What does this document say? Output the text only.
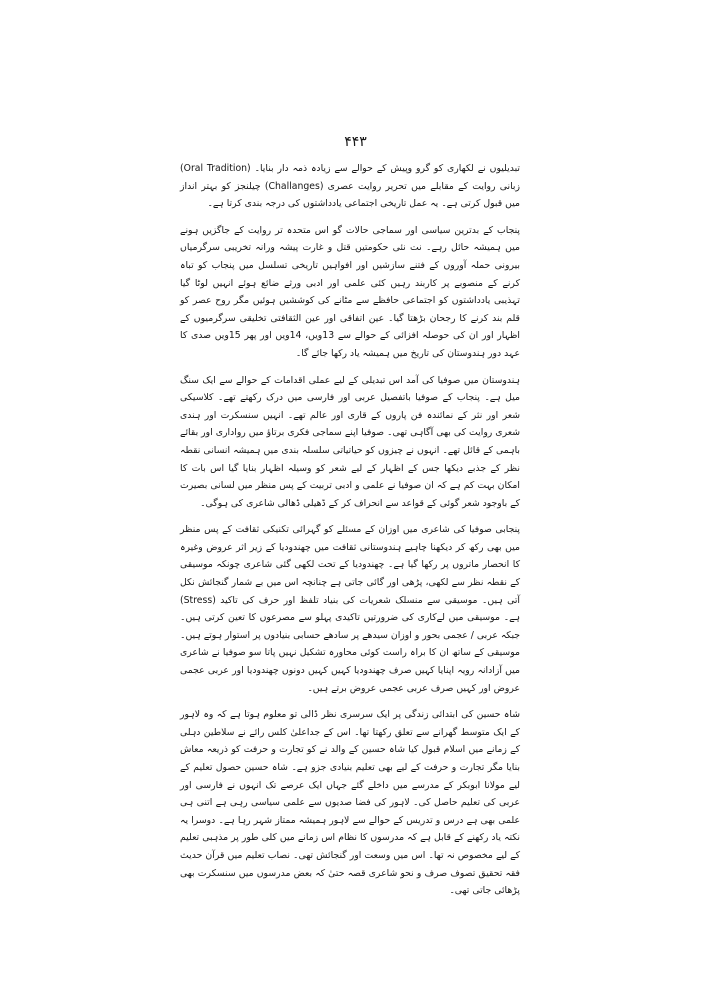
۴۴۳

تبدیلیوں نے لکھاری کو گرو وپیش کے حوالے سے زیادہ ذمہ دار بنایا۔ (Oral Tradition) زبانی روایت کے مقابلے میں تحریر روایت عصری (Challanges) چیلنجز کو بہتر انداز میں قبول کرتی ہے۔ یہ عمل تاریخی اجتماعی یادداشتوں کی درجہ بندی کرتا ہے۔

پنجاب کے بدترین سیاسی اور سماجی حالات گو اس متحدہ تر روایت کے جاگزیں ہونے میں ہمیشہ حائل رہے۔ نت نئی حکومتیں قتل و غارت پیشہ ورانہ تخریبی سرگرمیاں بیرونی حملہ آوروں کے فتنے سازشیں اور افواہیں تاریخی تسلسل میں پنجاب کو تباہ کرنے کے منصوبے پر کاربند رہیں کئی علمی اور ادبی ورثے ضائع ہوئے انہیں لوٹا گیا تہذیبی یادداشتوں کو اجتماعی حافظے سے مٹانے کی کوششیں ہوئیں مگر روح عصر کو قلم بند کرنے کا رجحان بڑھتا گیا۔ عین اتفاقی اور عین الثقافتی تخلیقی سرگرمیوں کے اظہار اور ان کی حوصلہ افزائی کے حوالے سے 13ویں، 14ویں اور پھر 15ویں صدی کا عہد دور ہندوستان کی تاریخ میں ہمیشہ یاد رکھا جائے گا۔

ہندوستان میں صوفیا کی آمد اس تبدیلی کے لیے عملی اقدامات کے حوالے سے ایک سنگ میل ہے۔ پنجاب کے صوفیا باتفصیل عربی اور فارسی میں درک رکھتے تھے۔ کلاسیکی شعر اور نثر کے نمائندہ فن پاروں کے قاری اور عالم تھے۔ انہیں سنسکرت اور ہندی شعری روایت کی بھی آگاہی تھی۔ صوفیا اپنے سماجی فکری برتاؤ میں رواداری اور بقائے باہمی کے قائل تھے۔ انہوں نے چیزوں کو حیاتیاتی سلسلہ بندی میں ہمیشہ انسانی نقطہ نظر کے جذبے دیکھا جس کے اظہار کے لیے شعر کو وسیلہ اظہار بنایا گیا اس بات کا امکان بہت کم ہے کہ ان صوفیا نے علمی و ادبی تربیت کے پس منظر میں لسانی بصیرت کے باوجود شعر گوئی کے قواعد سے انحراف کر کے ڈھیلی ڈھالی شاعری کی ہوگی۔

پنجابی صوفیا کی شاعری میں اوزان کے مسئلے کو گہرائی تکنیکی ثقافت کے پس منظر میں بھی رکھ کر دیکھنا چاہیے ہندوستانی ثقافت میں چھندودیا کے زیر اثر عروض وغیرہ کا انحصار ماتروں پر رکھا گیا ہے۔ چھندودیا کے تحت لکھی گئی شاعری چونکہ موسیقی کے نقطہ نظر سے لکھی، پڑھی اور گائی جاتی ہے چنانچہ اس میں بے شمار گنجائش نکل آتی ہیں۔ موسیقی سے منسلک شعریات کی بنیاد تلفظ اور حرف کی تاکید (Stress) ہے۔ موسیقی میں لےکاری کی ضرورتیں تاکیدی پہلو سے مصرعوں کا تعین کرتی ہیں۔ جبکہ عربی / عجمی بحور و اوزان سیدھے پر سادھے حسابی بنیادوں پر استوار ہوتے ہیں۔ موسیقی کے ساتھ ان کا براہ راست کوئی محاورہ تشکیل نہیں پاتا سو صوفیا نے شاعری میں آزادانہ رویہ اپنایا کہیں صرف چھندودیا کہیں کہیں دونوں چھندودیا اور عربی عجمی عروض اور کہیں صرف عربی عجمی عروض برتے ہیں۔

شاہ حسین کی ابتدائی زندگی پر ایک سرسری نظر ڈالی تو معلوم ہوتا ہے کہ وہ لاہور کے ایک متوسط گھرانے سے تعلق رکھتا تھا۔ اس کے جداعلیٰ کلس رائے نے سلاطین دہلی کے زمانے میں اسلام قبول کیا شاہ حسین کے والد نے کو تجارت و حرفت کو ذریعہ معاش بنایا مگر تجارت و حرفت کے لیے بھی تعلیم بنیادی جزو ہے۔ شاہ حسین حصول تعلیم کے لیے مولانا ابوبکر کے مدرسے میں داخلے گئے جہاں ایک عرصے تک انہوں نے فارسی اور عربی کی تعلیم حاصل کی۔ لاہور کی فضا صدیوں سے علمی سیاسی رہی ہے اتنی ہی علمی بھی ہے درس و تدریس کے حوالے سے لاہور ہمیشہ ممتاز شہر رہا ہے۔ دوسرا یہ نکتہ یاد رکھنے کے قابل ہے کہ مدرسوں کا نظام اس زمانے میں کلی طور پر مذہبی تعلیم کے لیے مخصوص نہ تھا۔ اس میں وسعت اور گنجائش تھی۔ نصاب تعلیم میں قرآن حدیث فقہ تحقیق تصوف صرف و نحو شاعری قصہ حتیٰ کہ بعض مدرسوں میں سنسکرت بھی پڑھائی جاتی تھی۔
